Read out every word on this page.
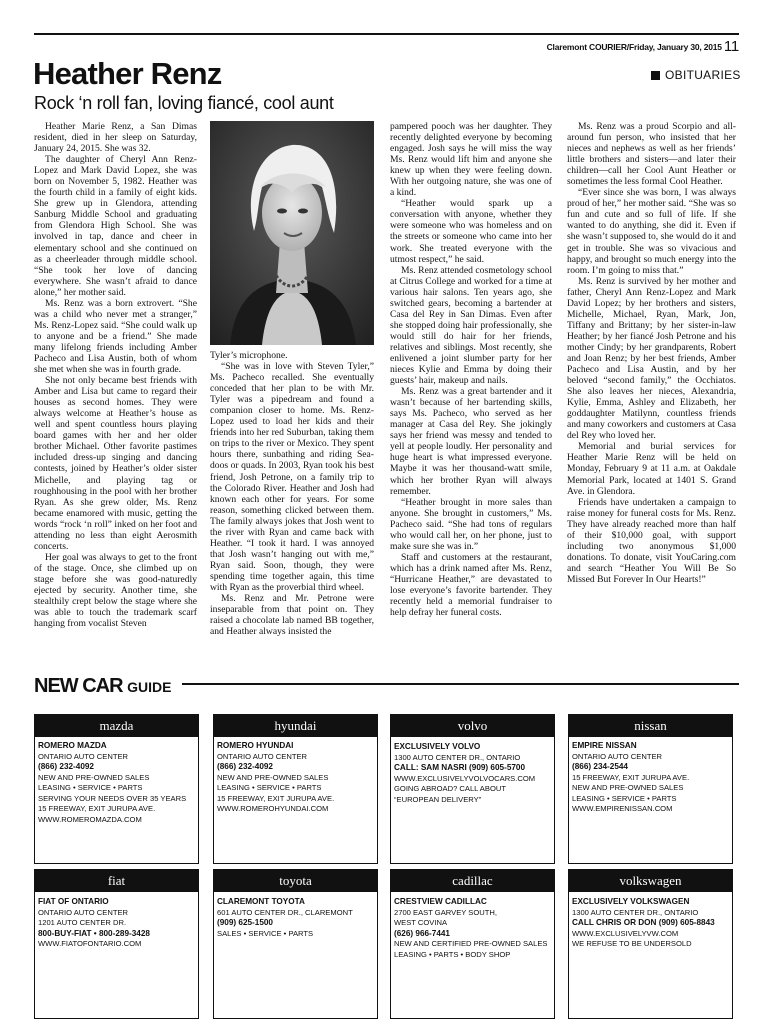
Claremont COURIER/Friday, January 30, 2015 11
OBITUARIES
Heather Renz
Rock ‘n roll fan, loving fiancé, cool aunt

Heather Marie Renz, a San Dimas resident, died in her sleep on Saturday, January 24, 2015. She was 32.

The daughter of Cheryl Ann Renz-Lopez and Mark David Lopez, she was born on November 5, 1982. Heather was the fourth child in a family of eight kids. She grew up in Glendora, attending Sanburg Middle School and graduating from Glendora High School. She was involved in tap, dance and cheer in elementary school and she continued on as a cheerleader through middle school. “She took her love of dancing everywhere. She wasn’t afraid to dance alone,” her mother said.

Ms. Renz was a born extrovert. “She was a child who never met a stranger,” Ms. Renz-Lopez said. “She could walk up to anyone and be a friend.” She made many lifelong friends including Amber Pacheco and Lisa Austin, both of whom she met when she was in fourth grade.

She not only became best friends with Amber and Lisa but came to regard their houses as second homes. They were always welcome at Heather’s house as well and spent countless hours playing board games with her and her older brother Michael. Other favorite pastimes included dress-up singing and dancing contests, joined by Heather’s older sister Michelle, and playing tag or roughhousing in the pool with her brother Ryan. As she grew older, Ms. Renz became enamored with music, getting the words “rock ‘n roll” inked on her foot and attending no less than eight Aerosmith concerts.

Her goal was always to get to the front of the stage. Once, she climbed up on stage before she was good-naturedly ejected by security. Another time, she stealthily crept below the stage where she was able to touch the trademark scarf hanging from vocalist Steven

Tyler’s microphone.

“She was in love with Steven Tyler,” Ms. Pacheco recalled. She eventually conceded that her plan to be with Mr. Tyler was a pipedream and found a companion closer to home. Ms. Renz-Lopez used to load her kids and their friends into her red Suburban, taking them on trips to the river or Mexico. They spent hours there, sunbathing and riding Sea-doos or quads. In 2003, Ryan took his best friend, Josh Petrone, on a family trip to the Colorado River. Heather and Josh had known each other for years. For some reason, something clicked between them. The family always jokes that Josh went to the river with Ryan and came back with Heather. “I took it hard. I was annoyed that Josh wasn’t hanging out with me,” Ryan said. Soon, though, they were spending time together again, this time with Ryan as the proverbial third wheel.

Ms. Renz and Mr. Petrone were inseparable from that point on. They raised a chocolate lab named BB together, and Heather always insisted the

pampered pooch was her daughter. They recently delighted everyone by becoming engaged. Josh says he will miss the way Ms. Renz would lift him and anyone she knew up when they were feeling down. With her outgoing nature, she was one of a kind.

“Heather would spark up a conversation with anyone, whether they were someone who was homeless and on the streets or someone who came into her work. She treated everyone with the utmost respect,” he said.

Ms. Renz attended cosmetology school at Citrus College and worked for a time at various hair salons. Ten years ago, she switched gears, becoming a bartender at Casa del Rey in San Dimas. Even after she stopped doing hair professionally, she would still do hair for her friends, relatives and siblings. Most recently, she enlivened a joint slumber party for her nieces Kylie and Emma by doing their guests’ hair, makeup and nails.

Ms. Renz was a great bartender and it wasn’t because of her bartending skills, says Ms. Pacheco, who served as her manager at Casa del Rey. She jokingly says her friend was messy and tended to yell at people loudly. Her personality and huge heart is what impressed everyone. Maybe it was her thousand-watt smile, which her brother Ryan will always remember.

“Heather brought in more sales than anyone. She brought in customers,” Ms. Pacheco said. “She had tons of regulars who would call her, on her phone, just to make sure she was in.”

Staff and customers at the restaurant, which has a drink named after Ms. Renz, “Hurricane Heather,” are devastated to lose everyone’s favorite bartender. They recently held a memorial fundraiser to help defray her funeral costs.

Ms. Renz was a proud Scorpio and all-around fun person, who insisted that her nieces and nephews as well as her friends’ little brothers and sisters—and later their children—call her Cool Aunt Heather or sometimes the less formal Cool Heather.

“Ever since she was born, I was always proud of her,” her mother said. “She was so fun and cute and so full of life. If she wanted to do anything, she did it. Even if she wasn’t supposed to, she would do it and get in trouble. She was so vivacious and happy, and brought so much energy into the room. I’m going to miss that.”

Ms. Renz is survived by her mother and father, Cheryl Ann Renz-Lopez and Mark David Lopez; by her brothers and sisters, Michelle, Michael, Ryan, Mark, Jon, Tiffany and Brittany; by her sister-in-law Heather; by her fiancé Josh Petrone and his mother Cindy; by her grandparents, Robert and Joan Renz; by her best friends, Amber Pacheco and Lisa Austin, and by her beloved “second family,” the Occhiatos. She also leaves her nieces, Alexandria, Kylie, Emma, Ashley and Elizabeth, her goddaughter Matilynn, countless friends and many coworkers and customers at Casa del Rey who loved her.

Memorial and burial services for Heather Marie Renz will be held on Monday, February 9 at 11 a.m. at Oakdale Memorial Park, located at 1401 S. Grand Ave. in Glendora.

Friends have undertaken a campaign to raise money for funeral costs for Ms. Renz. They have already reached more than half of their $10,000 goal, with support including two anonymous $1,000 donations. To donate, visit YouCaring.com and search “Heather You Will Be So Missed But Forever In Our Hearts!”

NEW CAR GUIDE
mazda
ROMERO MAZDA
ONTARIO AUTO CENTER
(866) 232-4092
NEW AND PRE-OWNED SALES
LEASING • SERVICE • PARTS
SERVING YOUR NEEDS OVER 35 YEARS
15 FREEWAY, EXIT JURUPA AVE.
WWW.ROMEROMAZDA.COM
hyundai
ROMERO HYUNDAI
ONTARIO AUTO CENTER
(866) 232-4092
NEW AND PRE-OWNED SALES
LEASING • SERVICE • PARTS
15 FREEWAY, EXIT JURUPA AVE.
WWW.ROMEROHYUNDAI.COM
volvo
EXCLUSIVELY VOLVO
1300 AUTO CENTER DR., ONTARIO
CALL: SAM NASRI (909) 605-5700
WWW.EXCLUSIVELYVOLVOCARS.COM
GOING ABROAD? CALL ABOUT
“EUROPEAN DELIVERY”
nissan
EMPIRE NISSAN
ONTARIO AUTO CENTER
(866) 234-2544
15 FREEWAY, EXIT JURUPA AVE.
NEW AND PRE-OWNED SALES
LEASING • SERVICE • PARTS
WWW.EMPIRENISSAN.COM
fiat
FIAT OF ONTARIO
ONTARIO AUTO CENTER
1201 AUTO CENTER DR.
800-BUY-FIAT • 800-289-3428
WWW.FIATOFONTARIO.COM
toyota
CLAREMONT TOYOTA
601 AUTO CENTER DR., CLAREMONT
(909) 625-1500
SALES • SERVICE • PARTS
cadillac
CRESTVIEW CADILLAC
2700 EAST GARVEY SOUTH,
WEST COVINA
(626) 966-7441
NEW AND CERTIFIED PRE-OWNED SALES
LEASING • PARTS • BODY SHOP
volkswagen
EXCLUSIVELY VOLKSWAGEN
1300 AUTO CENTER DR., ONTARIO
CALL CHRIS OR DON (909) 605-8843
WWW.EXCLUSIVELYVW.COM
WE REFUSE TO BE UNDERSOLD
